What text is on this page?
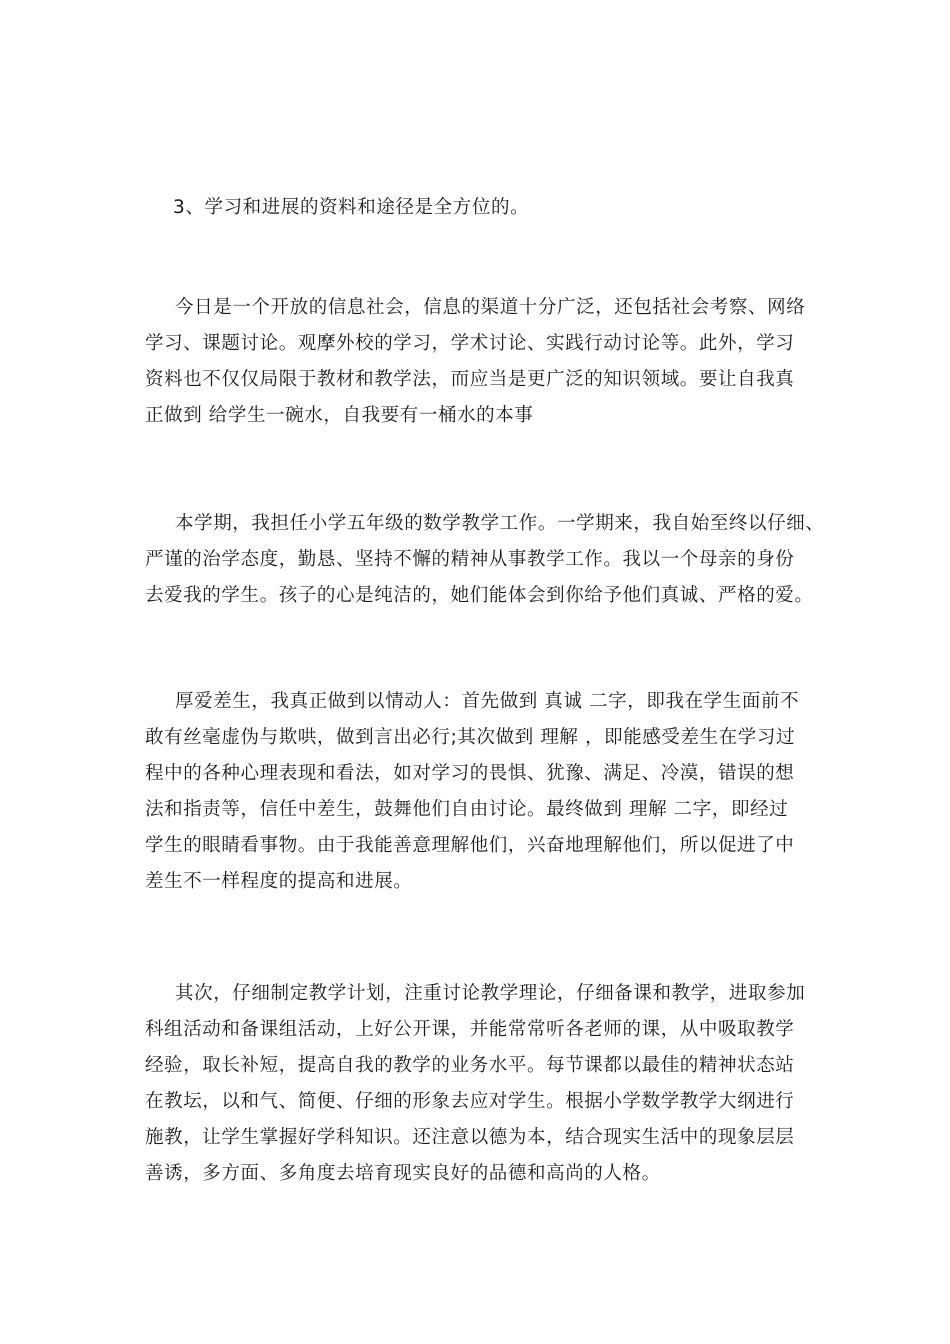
3、学习和进展的资料和途径是全方位的。

今日是一个开放的信息社会，信息的渠道十分广泛，还包括社会考察、网络
学习、课题讨论。观摩外校的学习，学术讨论、实践行动讨论等。此外，学习
资料也不仅仅局限于教材和教学法，而应当是更广泛的知识领域。要让自我真
正做到 给学生一碗水，自我要有一桶水的本事

本学期，我担任小学五年级的数学教学工作。一学期来，我自始至终以仔细、
严谨的治学态度，勤恳、坚持不懈的精神从事教学工作。我以一个母亲的身份
去爱我的学生。孩子的心是纯洁的，她们能体会到你给予他们真诚、严格的爱。

厚爱差生，我真正做到以情动人：首先做到 真诚 二字，即我在学生面前不
敢有丝毫虚伪与欺哄，做到言出必行;其次做到 理解 ，即能感受差生在学习过
程中的各种心理表现和看法，如对学习的畏惧、犹豫、满足、冷漠，错误的想
法和指责等，信任中差生，鼓舞他们自由讨论。最终做到 理解 二字，即经过
学生的眼睛看事物。由于我能善意理解他们，兴奋地理解他们，所以促进了中
差生不一样程度的提高和进展。

其次，仔细制定教学计划，注重讨论教学理论，仔细备课和教学，进取参加
科组活动和备课组活动，上好公开课，并能常常听各老师的课，从中吸取教学
经验，取长补短，提高自我的教学的业务水平。每节课都以最佳的精神状态站
在教坛，以和气、简便、仔细的形象去应对学生。根据小学数学教学大纲进行
施教，让学生掌握好学科知识。还注意以德为本，结合现实生活中的现象层层
善诱，多方面、多角度去培育现实良好的品德和高尚的人格。
